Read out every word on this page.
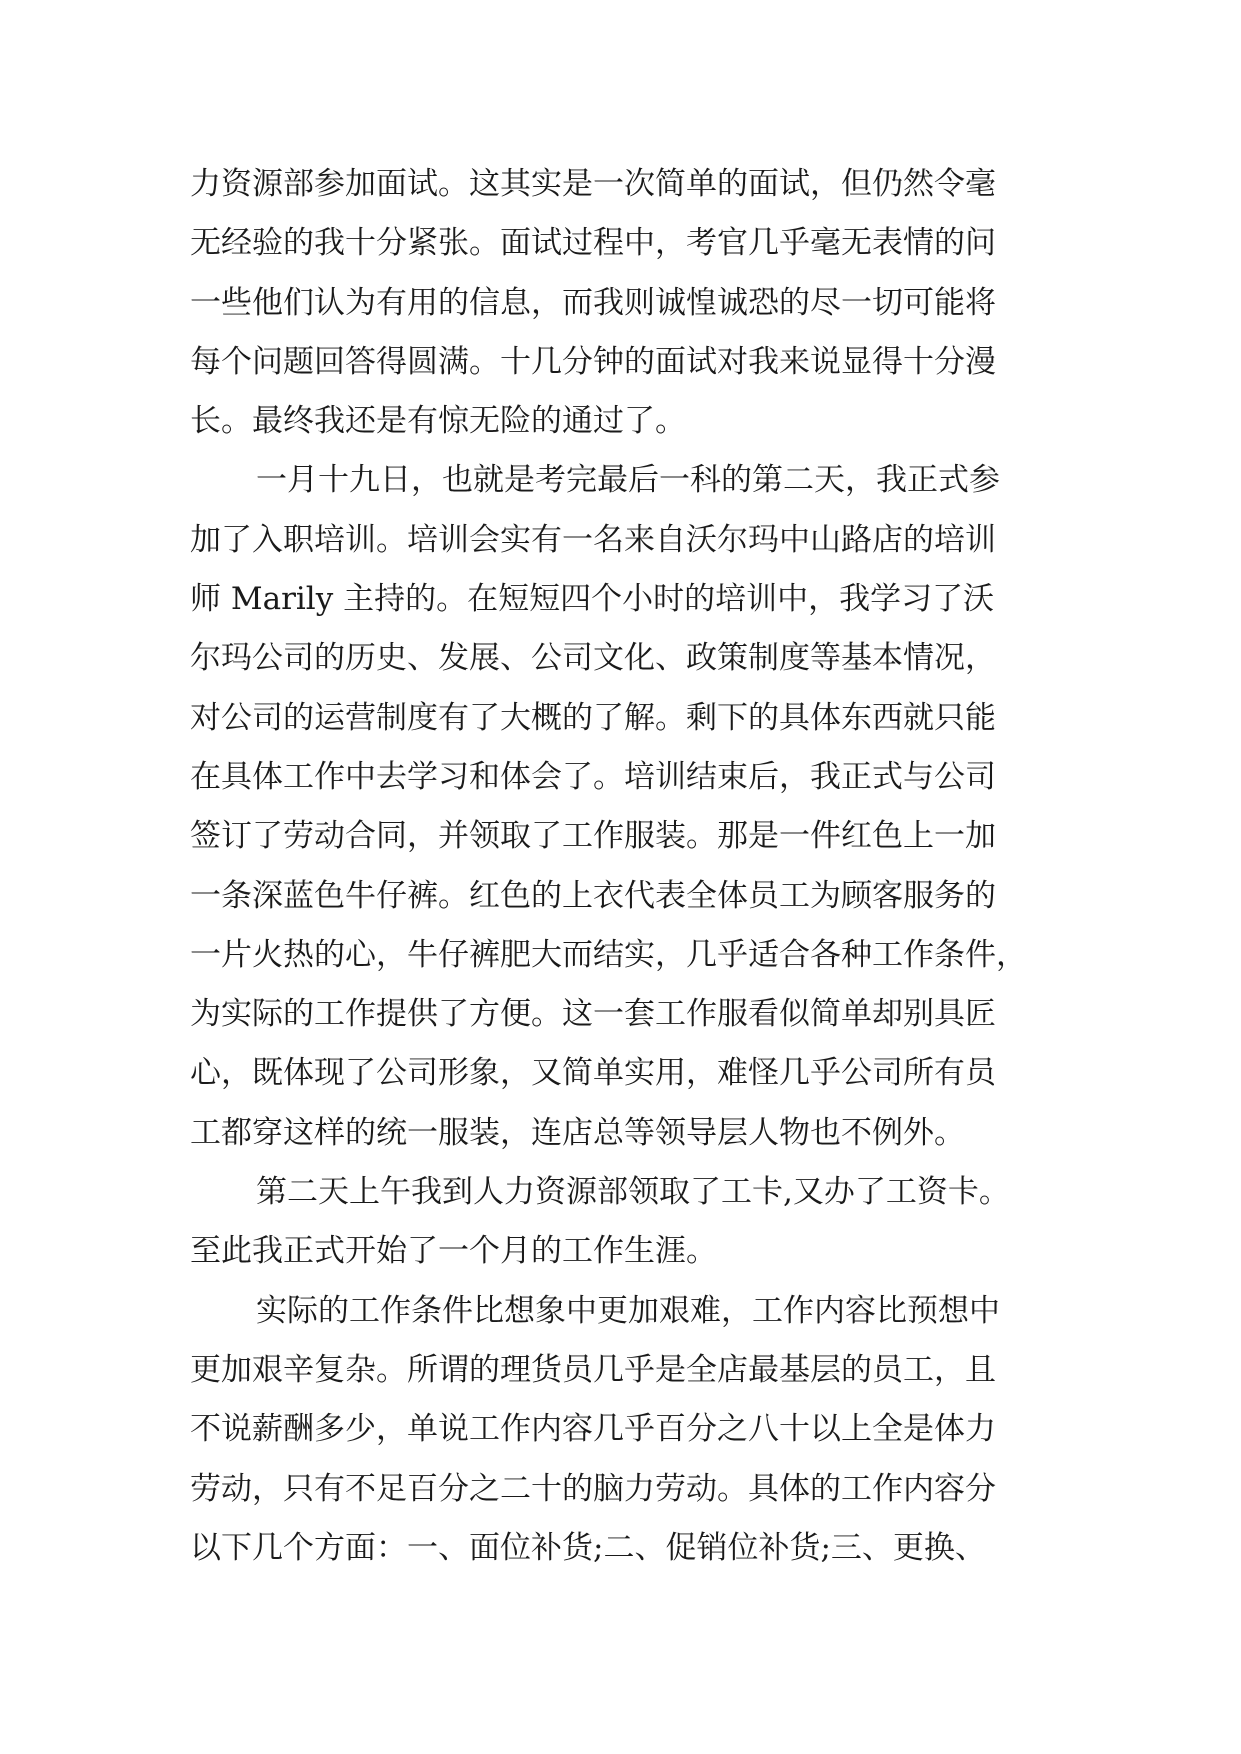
力资源部参加面试。这其实是一次简单的面试，但仍然令毫
无经验的我十分紧张。面试过程中，考官几乎毫无表情的问
一些他们认为有用的信息，而我则诚惶诚恐的尽一切可能将
每个问题回答得圆满。十几分钟的面试对我来说显得十分漫
长。最终我还是有惊无险的通过了。
一月十九日，也就是考完最后一科的第二天，我正式参
加了入职培训。培训会实有一名来自沃尔玛中山路店的培训
师 Marily 主持的。在短短四个小时的培训中，我学习了沃
尔玛公司的历史、发展、公司文化、政策制度等基本情况，
对公司的运营制度有了大概的了解。剩下的具体东西就只能
在具体工作中去学习和体会了。培训结束后，我正式与公司
签订了劳动合同，并领取了工作服装。那是一件红色上一加
一条深蓝色牛仔裤。红色的上衣代表全体员工为顾客服务的
一片火热的心，牛仔裤肥大而结实，几乎适合各种工作条件，
为实际的工作提供了方便。这一套工作服看似简单却别具匠
心，既体现了公司形象，又简单实用，难怪几乎公司所有员
工都穿这样的统一服装，连店总等领导层人物也不例外。
第二天上午我到人力资源部领取了工卡,又办了工资卡。
至此我正式开始了一个月的工作生涯。
实际的工作条件比想象中更加艰难，工作内容比预想中
更加艰辛复杂。所谓的理货员几乎是全店最基层的员工，且
不说薪酬多少，单说工作内容几乎百分之八十以上全是体力
劳动，只有不足百分之二十的脑力劳动。具体的工作内容分
以下几个方面：一、面位补货;二、促销位补货;三、更换、
